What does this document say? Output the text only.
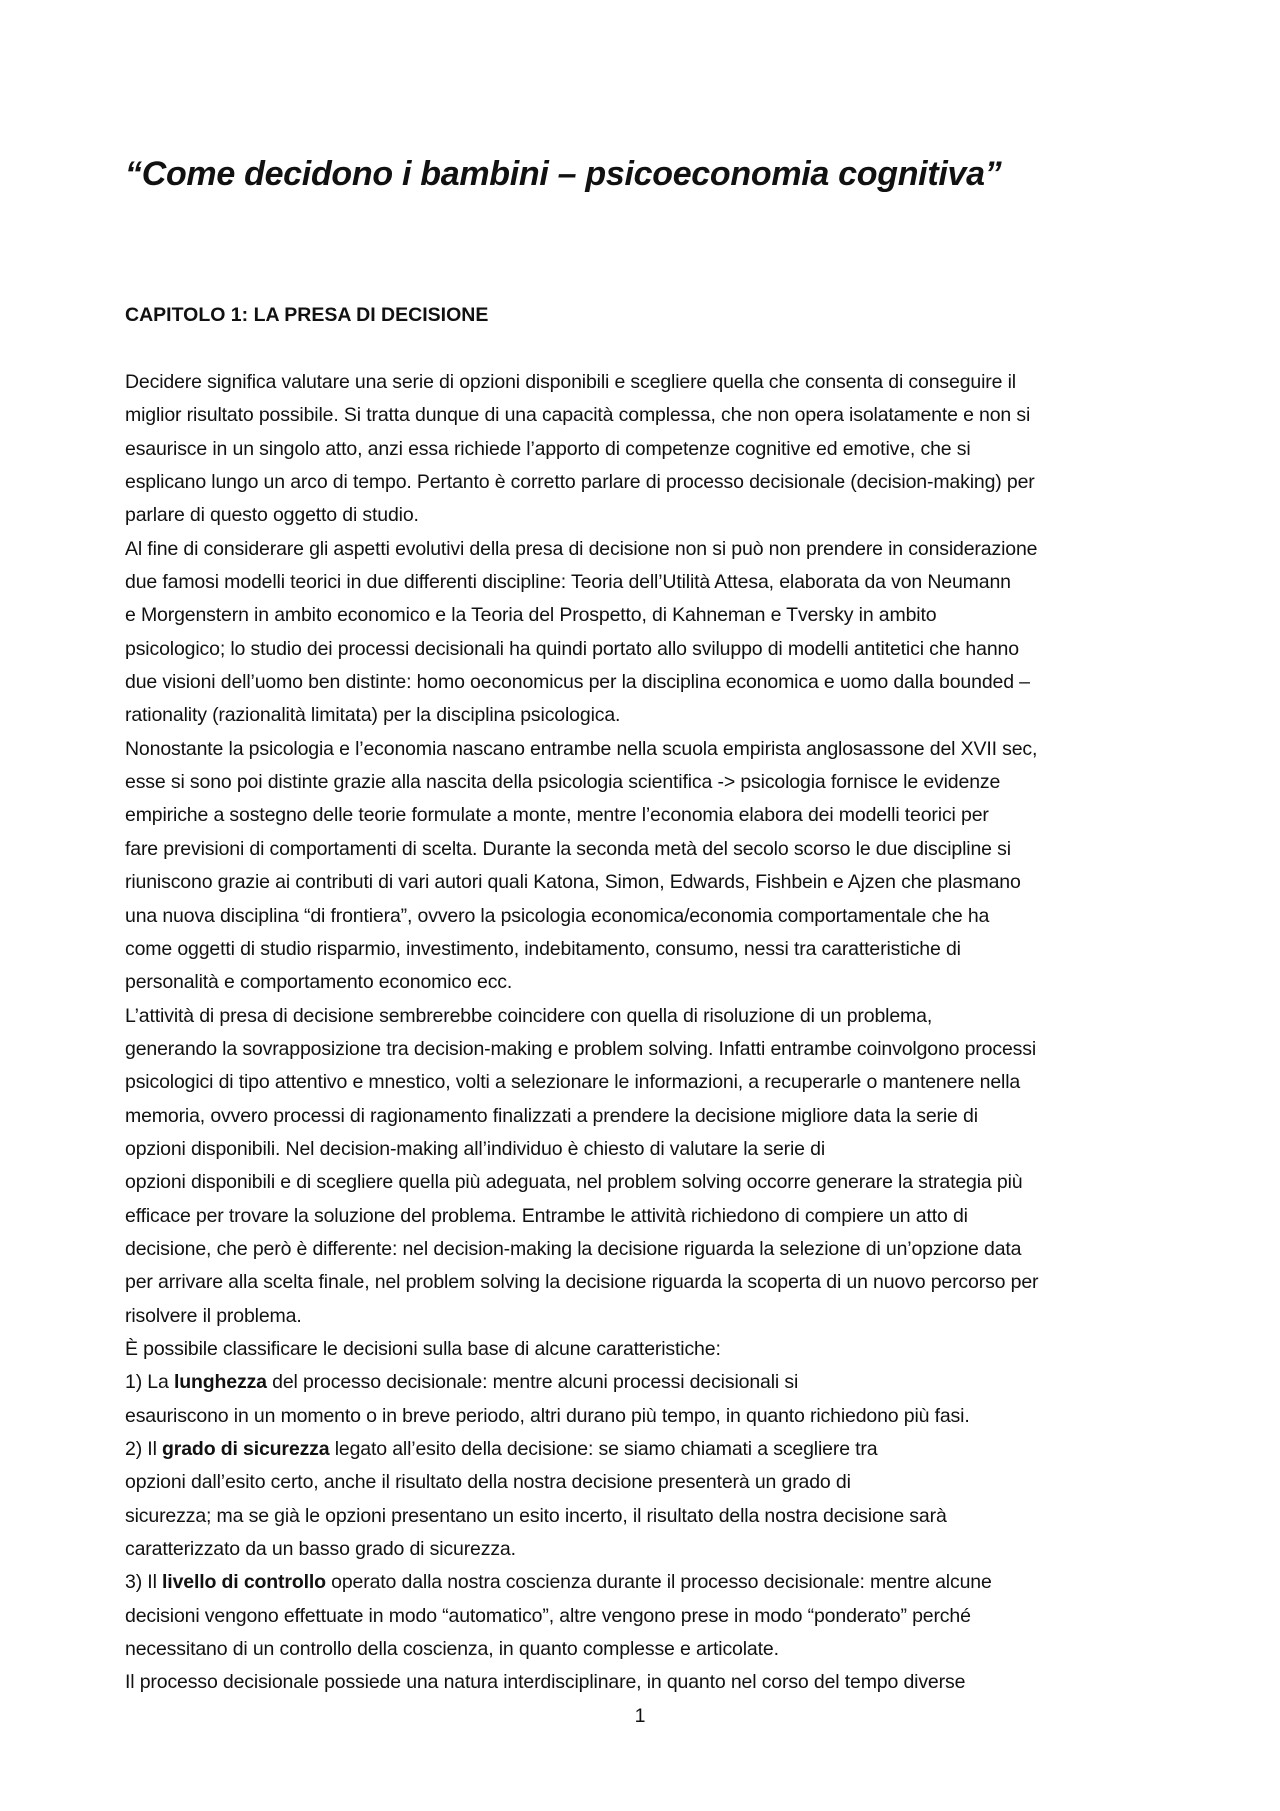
“Come decidono i bambini – psicoeconomia cognitiva”
CAPITOLO 1: LA PRESA DI DECISIONE
Decidere significa valutare una serie di opzioni disponibili e scegliere quella che consenta di conseguire il
miglior risultato possibile. Si tratta dunque di una capacità complessa, che non opera isolatamente e non si
esaurisce in un singolo atto, anzi essa richiede l’apporto di competenze cognitive ed emotive, che si
esplicano lungo un arco di tempo. Pertanto è corretto parlare di processo decisionale (decision-making) per
parlare di questo oggetto di studio.
Al fine di considerare gli aspetti evolutivi della presa di decisione non si può non prendere in considerazione
due famosi modelli teorici in due differenti discipline: Teoria dell’Utilità Attesa, elaborata da von Neumann
e Morgenstern in ambito economico e la Teoria del Prospetto, di Kahneman e Tversky in ambito
psicologico; lo studio dei processi decisionali ha quindi portato allo sviluppo di modelli antitetici che hanno
due visioni dell’uomo ben distinte: homo oeconomicus per la disciplina economica e uomo dalla bounded –
rationality (razionalità limitata) per la disciplina psicologica.
Nonostante la psicologia e l’economia nascano entrambe nella scuola empirista anglosassone del XVII sec,
esse si sono poi distinte grazie alla nascita della psicologia scientifica -> psicologia fornisce le evidenze
empiriche a sostegno delle teorie formulate a monte, mentre l’economia elabora dei modelli teorici per
fare previsioni di comportamenti di scelta. Durante la seconda metà del secolo scorso le due discipline si
riuniscono grazie ai contributi di vari autori quali Katona, Simon, Edwards, Fishbein e Ajzen che plasmano
una nuova disciplina “di frontiera”, ovvero la psicologia economica/economia comportamentale che ha
come oggetti di studio risparmio, investimento, indebitamento, consumo, nessi tra caratteristiche di
personalità e comportamento economico ecc.
L’attività di presa di decisione sembrerebbe coincidere con quella di risoluzione di un problema,
generando la sovrapposizione tra decision-making e problem solving. Infatti entrambe coinvolgono processi
psicologici di tipo attentivo e mnestico, volti a selezionare le informazioni, a recuperarle o mantenere nella
memoria, ovvero processi di ragionamento finalizzati a prendere la decisione migliore data la serie di
opzioni disponibili. Nel decision-making all’individuo è chiesto di valutare la serie di
opzioni disponibili e di scegliere quella più adeguata, nel problem solving occorre generare la strategia più
efficace per trovare la soluzione del problema. Entrambe le attività richiedono di compiere un atto di
decisione, che però è differente: nel decision-making la decisione riguarda la selezione di un’opzione data
per arrivare alla scelta finale, nel problem solving la decisione riguarda la scoperta di un nuovo percorso per
risolvere il problema.
È possibile classificare le decisioni sulla base di alcune caratteristiche:
1) La lunghezza del processo decisionale: mentre alcuni processi decisionali si
esauriscono in un momento o in breve periodo, altri durano più tempo, in quanto richiedono più fasi.
2) Il grado di sicurezza legato all’esito della decisione: se siamo chiamati a scegliere tra
opzioni dall’esito certo, anche il risultato della nostra decisione presenterà un grado di
sicurezza; ma se già le opzioni presentano un esito incerto, il risultato della nostra decisione sarà
caratterizzato da un basso grado di sicurezza.
3) Il livello di controllo operato dalla nostra coscienza durante il processo decisionale: mentre alcune
decisioni vengono effettuate in modo “automatico”, altre vengono prese in modo “ponderato” perché
necessitano di un controllo della coscienza, in quanto complesse e articolate.
Il processo decisionale possiede una natura interdisciplinare, in quanto nel corso del tempo diverse
1
